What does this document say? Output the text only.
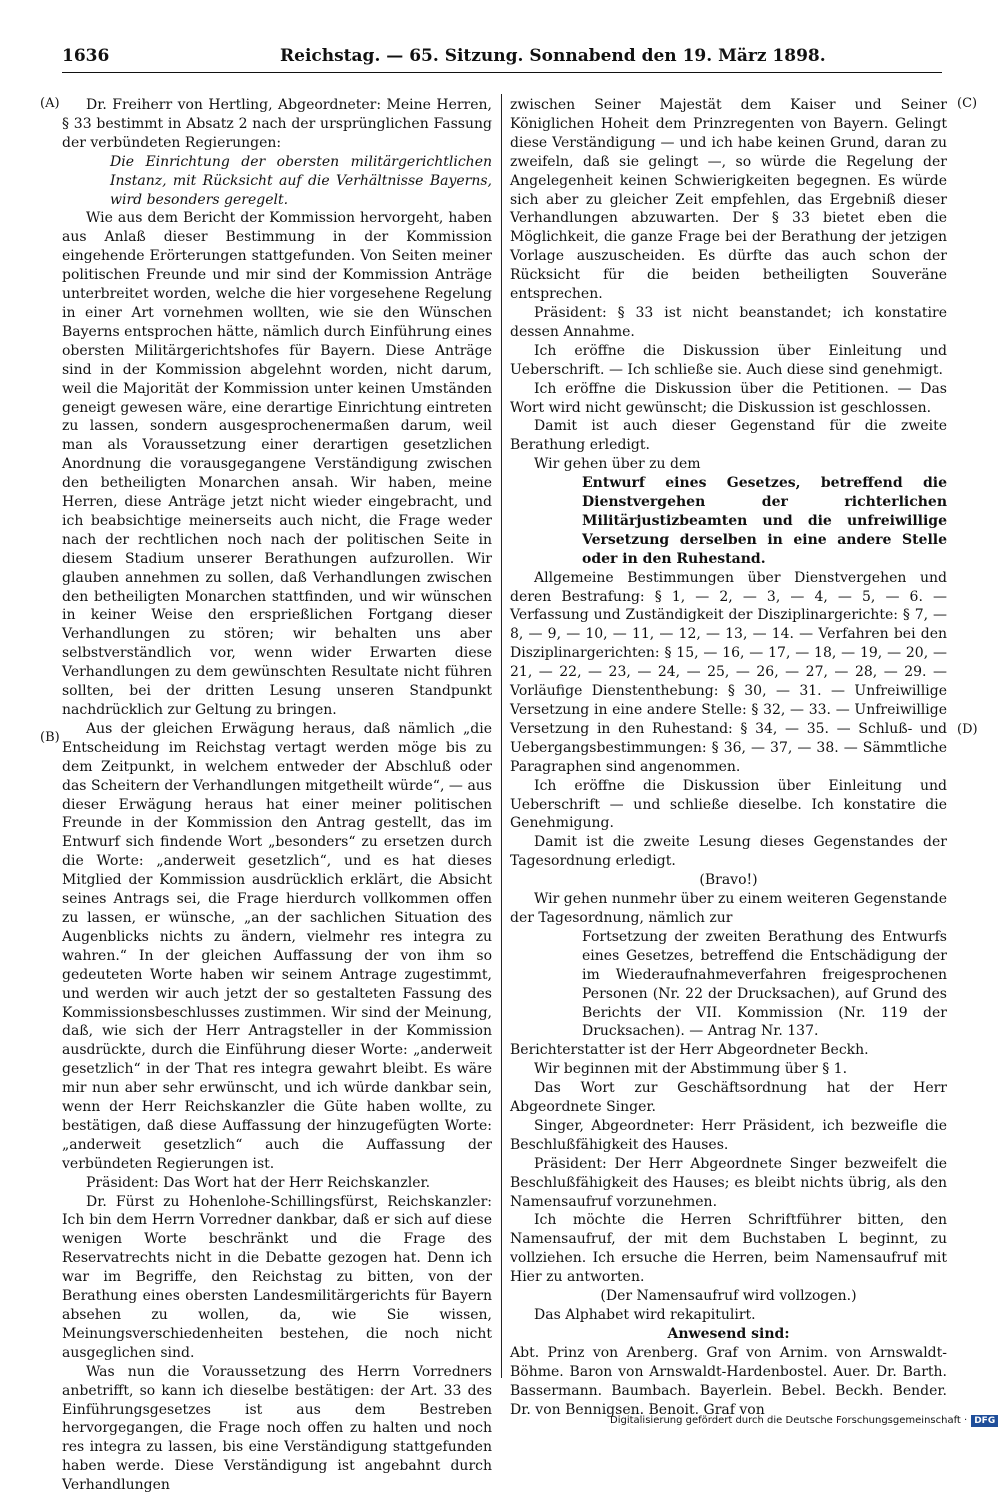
1636	Reichstag. — 65. Sitzung. Sonnabend den 19. März 1898.
(A)
(B)
(C)
(D)

Dr. Freiherr von Hertling, Abgeordneter: Meine Herren, § 33 bestimmt in Absatz 2 nach der ursprünglichen Fassung der verbündeten Regierungen:

Die Einrichtung der obersten militärgerichtlichen Instanz, mit Rücksicht auf die Verhältnisse Bayerns, wird besonders geregelt.

Wie aus dem Bericht der Kommission hervorgeht, haben aus Anlaß dieser Bestimmung in der Kommission eingehende Erörterungen stattgefunden. Von Seiten meiner politischen Freunde und mir sind der Kommission Anträge unterbreitet worden, welche die hier vorgesehene Regelung in einer Art vornehmen wollten, wie sie den Wünschen Bayerns entsprochen hätte, nämlich durch Einführung eines obersten Militärgerichtshofes für Bayern. Diese Anträge sind in der Kommission abgelehnt worden, nicht darum, weil die Majorität der Kommission unter keinen Umständen geneigt gewesen wäre, eine derartige Einrichtung eintreten zu lassen, sondern ausgesprochenermaßen darum, weil man als Voraussetzung einer derartigen gesetzlichen Anordnung die vorausgegangene Verständigung zwischen den betheiligten Monarchen ansah. Wir haben, meine Herren, diese Anträge jetzt nicht wieder eingebracht, und ich beabsichtige meinerseits auch nicht, die Frage weder nach der rechtlichen noch nach der politischen Seite in diesem Stadium unserer Berathungen aufzurollen. Wir glauben annehmen zu sollen, daß Verhandlungen zwischen den betheiligten Monarchen stattfinden, und wir wünschen in keiner Weise den ersprießlichen Fortgang dieser Verhandlungen zu stören; wir behalten uns aber selbstverständlich vor, wenn wider Erwarten diese Verhandlungen zu dem gewünschten Resultate nicht führen sollten, bei der dritten Lesung unseren Standpunkt nachdrücklich zur Geltung zu bringen.

Aus der gleichen Erwägung heraus, daß nämlich „die Entscheidung im Reichstag vertagt werden möge bis zu dem Zeitpunkt, in welchem entweder der Abschluß oder das Scheitern der Verhandlungen mitgetheilt würde“, — aus dieser Erwägung heraus hat einer meiner politischen Freunde in der Kommission den Antrag gestellt, das im Entwurf sich findende Wort „besonders“ zu ersetzen durch die Worte: „anderweit gesetzlich“, und es hat dieses Mitglied der Kommission ausdrücklich erklärt, die Absicht seines Antrags sei, die Frage hierdurch vollkommen offen zu lassen, er wünsche, „an der sachlichen Situation des Augenblicks nichts zu ändern, vielmehr res integra zu wahren.“ In der gleichen Auffassung der von ihm so gedeuteten Worte haben wir seinem Antrage zugestimmt, und werden wir auch jetzt der so gestalteten Fassung des Kommissionsbeschlusses zustimmen. Wir sind der Meinung, daß, wie sich der Herr Antragsteller in der Kommission ausdrückte, durch die Einführung dieser Worte: „anderweit gesetzlich“ in der That res integra gewahrt bleibt. Es wäre mir nun aber sehr erwünscht, und ich würde dankbar sein, wenn der Herr Reichskanzler die Güte haben wollte, zu bestätigen, daß diese Auffassung der hinzugefügten Worte: „anderweit gesetzlich“ auch die Auffassung der verbündeten Regierungen ist.

Präsident: Das Wort hat der Herr Reichskanzler.

Dr. Fürst zu Hohenlohe-Schillingsfürst, Reichskanzler: Ich bin dem Herrn Vorredner dankbar, daß er sich auf diese wenigen Worte beschränkt und die Frage des Reservatrechts nicht in die Debatte gezogen hat. Denn ich war im Begriffe, den Reichstag zu bitten, von der Berathung eines obersten Landesmilitärgerichts für Bayern absehen zu wollen, da, wie Sie wissen, Meinungsverschiedenheiten bestehen, die noch nicht ausgeglichen sind.

Was nun die Voraussetzung des Herrn Vorredners anbetrifft, so kann ich dieselbe bestätigen: der Art. 33 des Einführungsgesetzes ist aus dem Bestreben hervorgegangen, die Frage noch offen zu halten und noch res integra zu lassen, bis eine Verständigung stattgefunden haben werde. Diese Verständigung ist angebahnt durch Verhandlungen

zwischen Seiner Majestät dem Kaiser und Seiner Königlichen Hoheit dem Prinzregenten von Bayern. Gelingt diese Verständigung — und ich habe keinen Grund, daran zu zweifeln, daß sie gelingt —, so würde die Regelung der Angelegenheit keinen Schwierigkeiten begegnen. Es würde sich aber zu gleicher Zeit empfehlen, das Ergebniß dieser Verhandlungen abzuwarten. Der § 33 bietet eben die Möglichkeit, die ganze Frage bei der Berathung der jetzigen Vorlage auszuscheiden. Es dürfte das auch schon der Rücksicht für die beiden betheiligten Souveräne entsprechen.

Präsident: § 33 ist nicht beanstandet; ich konstatire dessen Annahme.

Ich eröffne die Diskussion über Einleitung und Ueberschrift. — Ich schließe sie. Auch diese sind genehmigt.

Ich eröffne die Diskussion über die Petitionen. — Das Wort wird nicht gewünscht; die Diskussion ist geschlossen.

Damit ist auch dieser Gegenstand für die zweite Berathung erledigt.

Wir gehen über zu dem

Entwurf eines Gesetzes, betreffend die Dienstvergehen der richterlichen Militärjustizbeamten und die unfreiwillige Versetzung derselben in eine andere Stelle oder in den Ruhestand.

Allgemeine Bestimmungen über Dienstvergehen und deren Bestrafung: § 1, — 2, — 3, — 4, — 5, — 6. — Verfassung und Zuständigkeit der Disziplinargerichte: § 7, — 8, — 9, — 10, — 11, — 12, — 13, — 14. — Verfahren bei den Disziplinargerichten: § 15, — 16, — 17, — 18, — 19, — 20, — 21, — 22, — 23, — 24, — 25, — 26, — 27, — 28, — 29. — Vorläufige Dienstenthebung: § 30, — 31. — Unfreiwillige Versetzung in eine andere Stelle: § 32, — 33. — Unfreiwillige Versetzung in den Ruhestand: § 34, — 35. — Schluß- und Uebergangsbestimmungen: § 36, — 37, — 38. — Sämmtliche Paragraphen sind angenommen.

Ich eröffne die Diskussion über Einleitung und Ueberschrift — und schließe dieselbe. Ich konstatire die Genehmigung.

Damit ist die zweite Lesung dieses Gegenstandes der Tagesordnung erledigt.

(Bravo!)

Wir gehen nunmehr über zu einem weiteren Gegenstande der Tagesordnung, nämlich zur

Fortsetzung der zweiten Berathung des Entwurfs eines Gesetzes, betreffend die Entschädigung der im Wiederaufnahmeverfahren freigesprochenen Personen (Nr. 22 der Drucksachen), auf Grund des Berichts der VII. Kommission (Nr. 119 der Drucksachen). — Antrag Nr. 137.

Berichterstatter ist der Herr Abgeordneter Beckh.

Wir beginnen mit der Abstimmung über § 1.

Das Wort zur Geschäftsordnung hat der Herr Abgeordnete Singer.

Singer, Abgeordneter: Herr Präsident, ich bezweifle die Beschlußfähigkeit des Hauses.

Präsident: Der Herr Abgeordnete Singer bezweifelt die Beschlußfähigkeit des Hauses; es bleibt nichts übrig, als den Namensaufruf vorzunehmen.

Ich möchte die Herren Schriftführer bitten, den Namensaufruf, der mit dem Buchstaben L beginnt, zu vollziehen. Ich ersuche die Herren, beim Namensaufruf mit Hier zu antworten.

(Der Namensaufruf wird vollzogen.)

Das Alphabet wird rekapitulirt.

Anwesend sind:

Abt. Prinz von Arenberg. Graf von Arnim. von Arnswaldt-Böhme. Baron von Arnswaldt-Hardenbostel. Auer. Dr. Barth. Bassermann. Baumbach. Bayerlein. Bebel. Beckh. Bender. Dr. von Bennigsen. Benoit. Graf von

Digitalisierung gefördert durch die Deutsche Forschungsgemeinschaft · DFG
